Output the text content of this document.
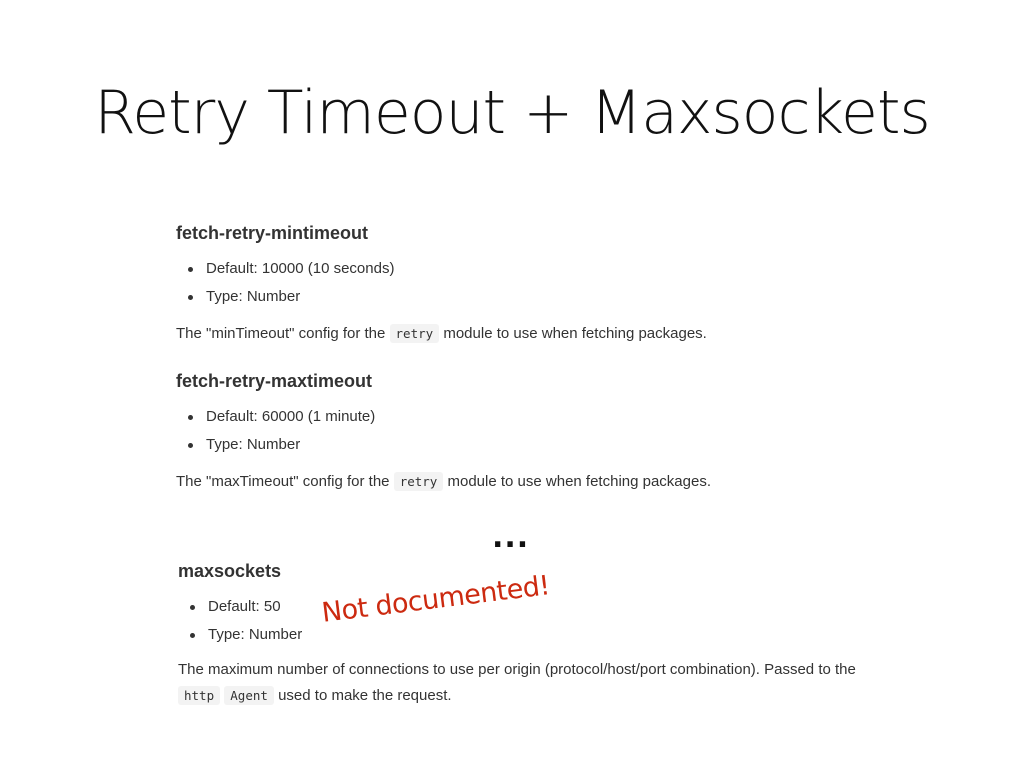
Retry Timeout + Maxsockets
fetch-retry-mintimeout
Default: 10000 (10 seconds)
Type: Number

The "minTimeout" config for the retry module to use when fetching packages.

fetch-retry-maxtimeout
Default: 60000 (1 minute)
Type: Number

The "maxTimeout" config for the retry module to use when fetching packages.

...
maxsockets
Default: 50
Type: Number

The maximum number of connections to use per origin (protocol/host/port combination). Passed to the
http Agent used to make the request.

Not documented!
